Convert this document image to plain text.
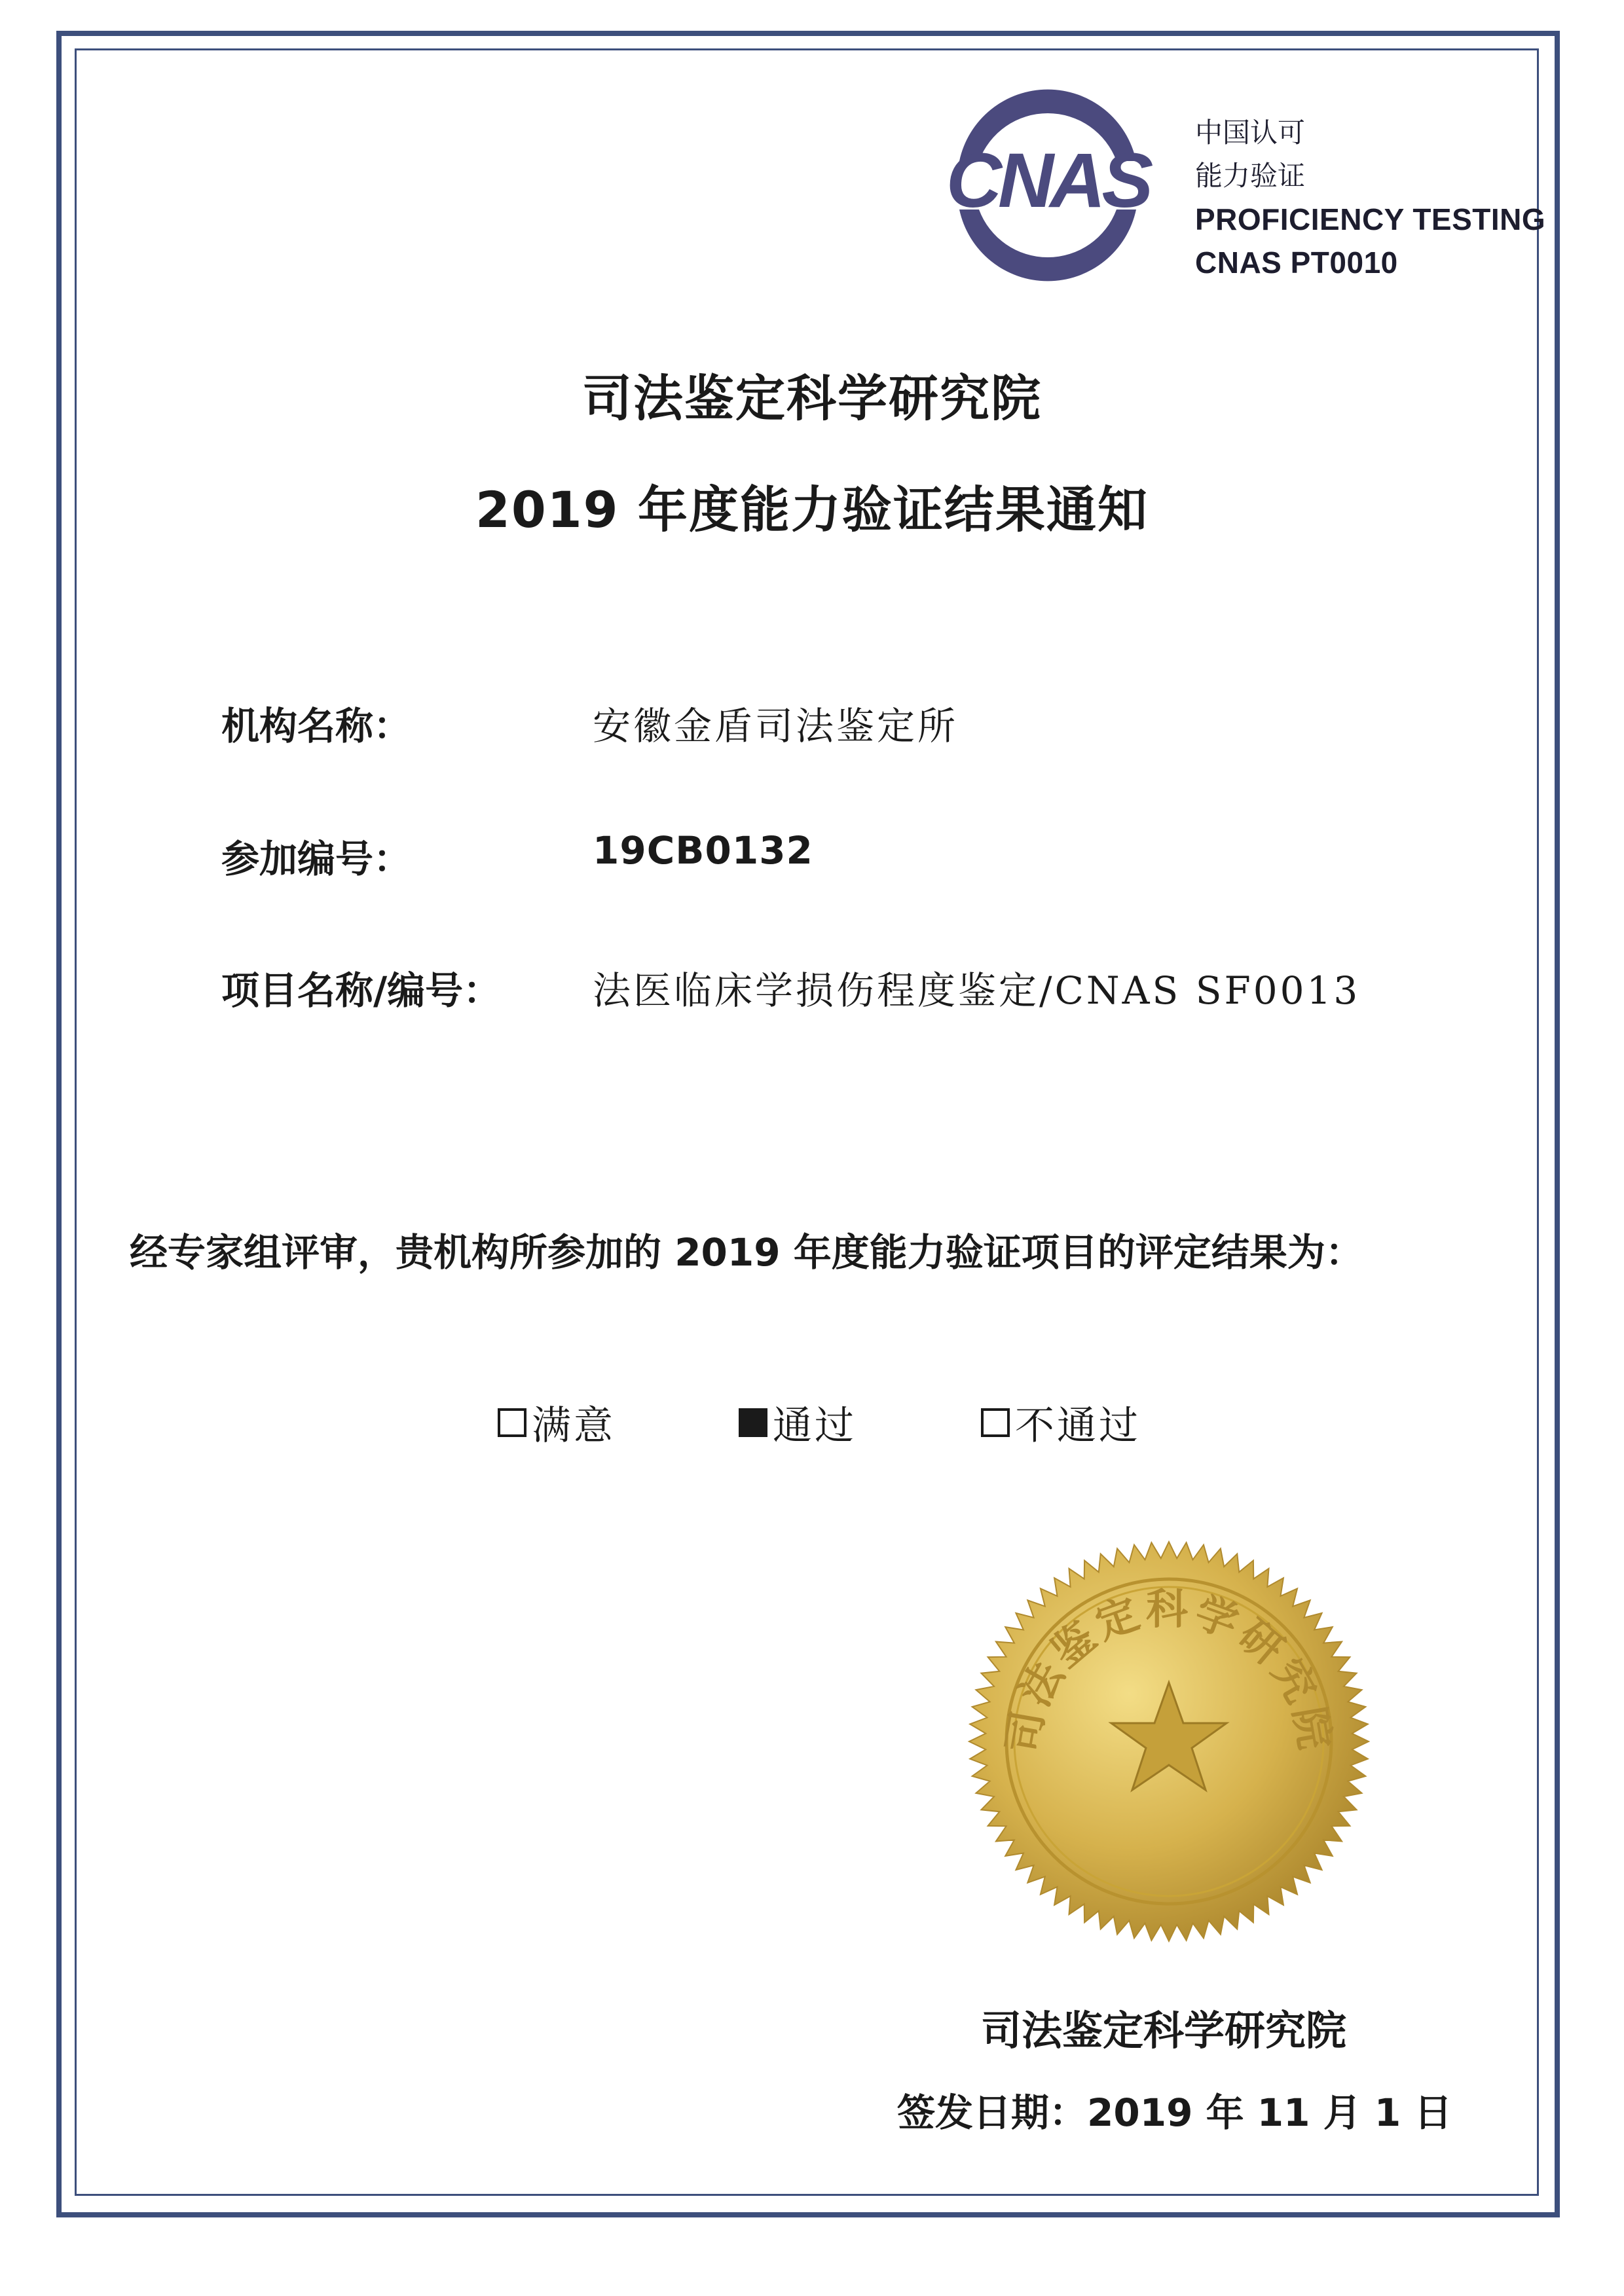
CNAS
中国认可
能力验证
PROFICIENCY TESTING
CNAS PT0010
司法鉴定科学研究院
2019 年度能力验证结果通知
机构名称：	安徽金盾司法鉴定所
参加编号：	19CB0132
项目名称/编号： 法医临床学损伤程度鉴定/CNAS SF0013
经专家组评审，贵机构所参加的 2019 年度能力验证项目的评定结果为：
满意	通过	不通过
司法鉴定科学研究院
司法鉴定科学研究院
签发日期：2019 年 11 月 1 日
